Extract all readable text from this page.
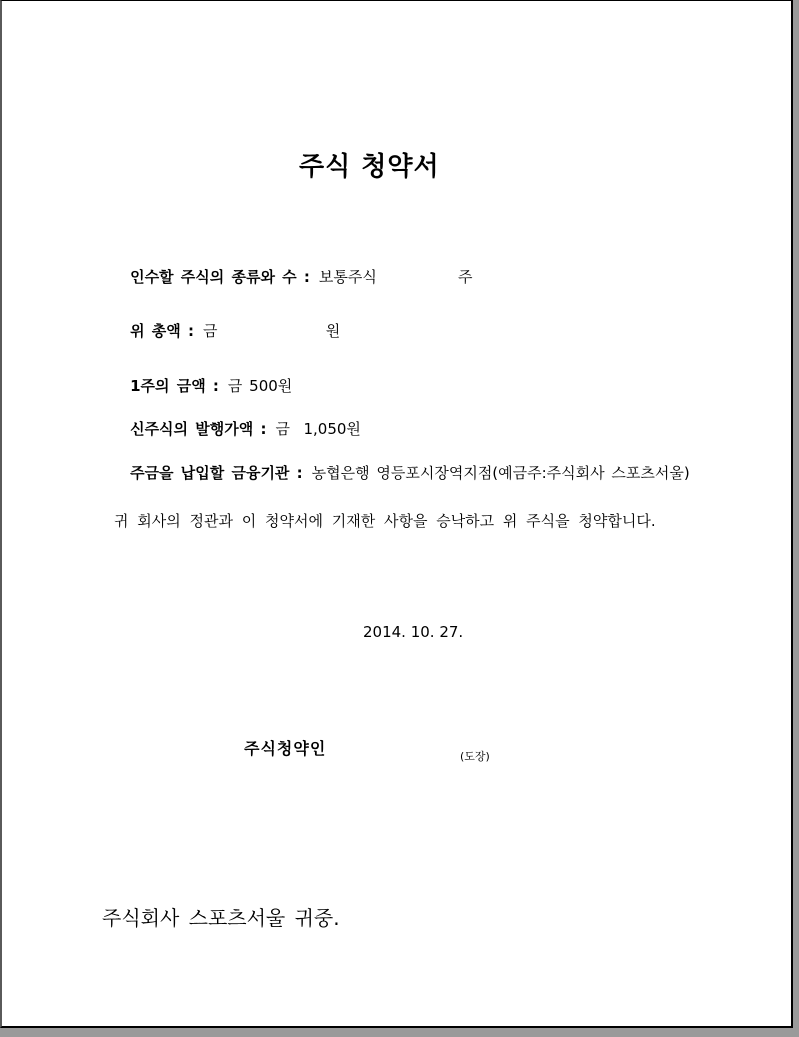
주식 청약서

인수할 주식의 종류와 수 : 보통주식            주

위 총액 : 금                원

1주의 금액 : 금 500원

신주식의 발행가액 : 금  1,050원

주금을 납입할 금융기관 : 농협은행 영등포시장역지점(예금주:주식회사 스포츠서울)

귀 회사의 정관과 이 청약서에 기재한 사항을 승낙하고 위 주식을 청약합니다.
2014. 10. 27.
주식청약인	(도장)
주식회사 스포츠서울 귀중.
